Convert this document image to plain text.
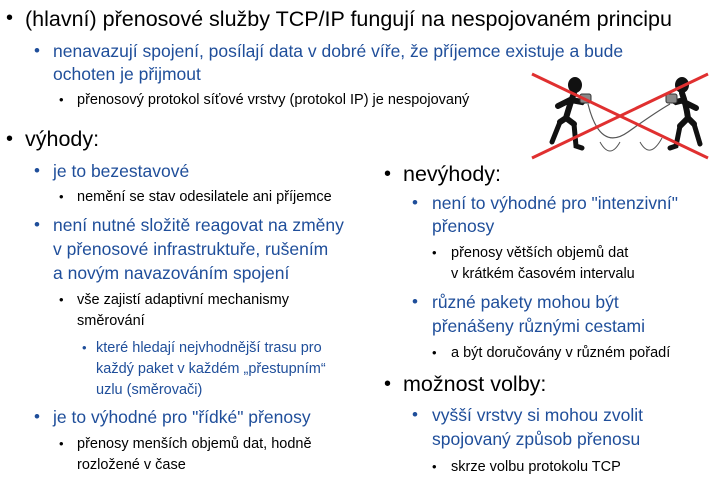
• (hlavní) přenosové služby TCP/IP fungují na nespojovaném principu
• nenavazují spojení, posílají data v dobré víře, že příjemce existuje a bude
ochoten je přijmout
• přenosový protokol síťové vrstvy (protokol IP) je nespojovaný
• výhody:
• je to bezestavové
• nemění se stav odesilatele ani příjemce
• není nutné složitě reagovat na změny
v přenosové infrastruktuře, rušením
a novým navazováním spojení
• vše zajistí adaptivní mechanismy
směrování
• které hledají nejvhodnější trasu pro
každý paket v každém „přestupním“
uzlu (směrovači)
• je to výhodné pro "řídké" přenosy
• přenosy menších objemů dat, hodně
rozložené v čase
• nevýhody:
• není to výhodné pro "intenzivní"
přenosy
• přenosy větších objemů dat
v krátkém časovém intervalu
• různé pakety mohou být
přenášeny různými cestami
• a být doručovány v různém pořadí
• možnost volby:
• vyšší vrstvy si mohou zvolit
spojovaný způsob přenosu
• skrze volbu protokolu TCP
